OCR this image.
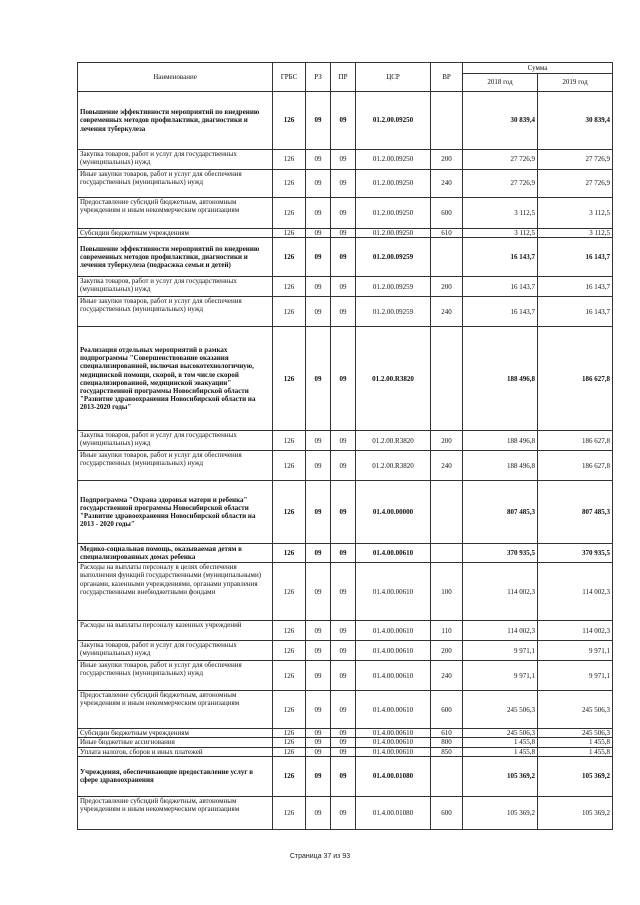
Наименование	ГРБС	РЗ	ПР	ЦСР	ВР	Сумма	
						2018 год	2019 год
Повышение эффективности мероприятий по внедрению современных методов профилактики, диагностики и лечения туберкулеза	126	09	09	01.2.00.09250		30 839,4	30 839,4
Закупка товаров, работ и услуг для государственных (муниципальных) нужд	126	09	09	01.2.00.09250	200	27 726,9	27 726,9
Иные закупки товаров, работ и услуг для обеспечения государственных (муниципальных) нужд	126	09	09	01.2.00.09250	240	27 726,9	27 726,9
Предоставление субсидий бюджетным, автономным учреждениям и иным некоммерческим организациям	126	09	09	01.2.00.09250	600	3 112,5	3 112,5
Субсидии бюджетным учреждениям	126	09	09	01.2.00.09250	610	3 112,5	3 112,5
Повышение эффективности мероприятий по внедрению современных методов профилактики, диагностики и лечения туберкулеза (подрасжка семьи и детей)	126	09	09	01.2.00.09259		16 143,7	16 143,7
Закупка товаров, работ и услуг для государственных (муниципальных) нужд	126	09	09	01.2.00.09259	200	16 143,7	16 143,7
Иные закупки товаров, работ и услуг для обеспечения государственных (муниципальных) нужд	126	09	09	01.2.00.09259	240	16 143,7	16 143,7
Реализация отдельных мероприятий в рамках подпрограммы "Совершенствование оказания специализированной, включая высокотехнологичную, медицинской помощи, скорой, в том числе скорой специализированной, медицинской эвакуации" государственной программы Новосибирской области "Развитие здравоохранения Новосибирской области на 2013-2020 годы"	126	09	09	01.2.00.R3820		188 496,8	186 627,8
Закупка товаров, работ и услуг для государственных (муниципальных) нужд	126	09	09	01.2.00.R3820	200	188 496,8	186 627,8
Иные закупки товаров, работ и услуг для обеспечения государственных (муниципальных) нужд	126	09	09	01.2.00.R3820	240	188 496,8	186 627,8
Подпрограмма "Охрана здоровья матери и ребенка" государственной программы Новосибирской области "Развитие здравоохранения Новосибирской области на 2013 - 2020 годы"	126	09	09	01.4.00.00000		807 485,3	807 485,3
Медико-социальная помощь, оказываемая детям в специализированных домах ребенка	126	09	09	01.4.00.00610		370 935,5	370 935,5
Расходы на выплаты персоналу в целях обеспечения выполнения функций государственными (муниципальными) органами, казенными учреждениями, органами управления государственными внебюджетными фондами	126	09	09	01.4.00.00610	100	114 002,3	114 002,3
Расходы на выплаты персоналу казенных учреждений	126	09	09	01.4.00.00610	110	114 002,3	114 002,3
Закупка товаров, работ и услуг для государственных (муниципальных) нужд	126	09	09	01.4.00.00610	200	9 971,1	9 971,1
Иные закупки товаров, работ и услуг для обеспечения государственных (муниципальных) нужд	126	09	09	01.4.00.00610	240	9 971,1	9 971,1
Предоставление субсидий бюджетным, автономным учреждениям и иным некоммерческим организациям	126	09	09	01.4.00.00610	600	245 506,3	245 506,3
Субсидии бюджетным учреждениям	126	09	09	01.4.00.00610	610	245 506,3	245 506,3
Иные бюджетные ассигнования	126	09	09	01.4.00.00610	800	1 455,8	1 455,8
Уплата налогов, сборов и иных платежей	126	09	09	01.4.00.00610	850	1 455,8	1 455,8
Учреждения, обеспечивающие предоставление услуг в сфере здравоохранения	126	09	09	01.4.00.01080		105 369,2	105 369,2
Предоставление субсидий бюджетным, автономным учреждениям и иным некоммерческим организациям	126	09	09	01.4.00.01080	600	105 369,2	105 369,2
Страница 37 из 93
